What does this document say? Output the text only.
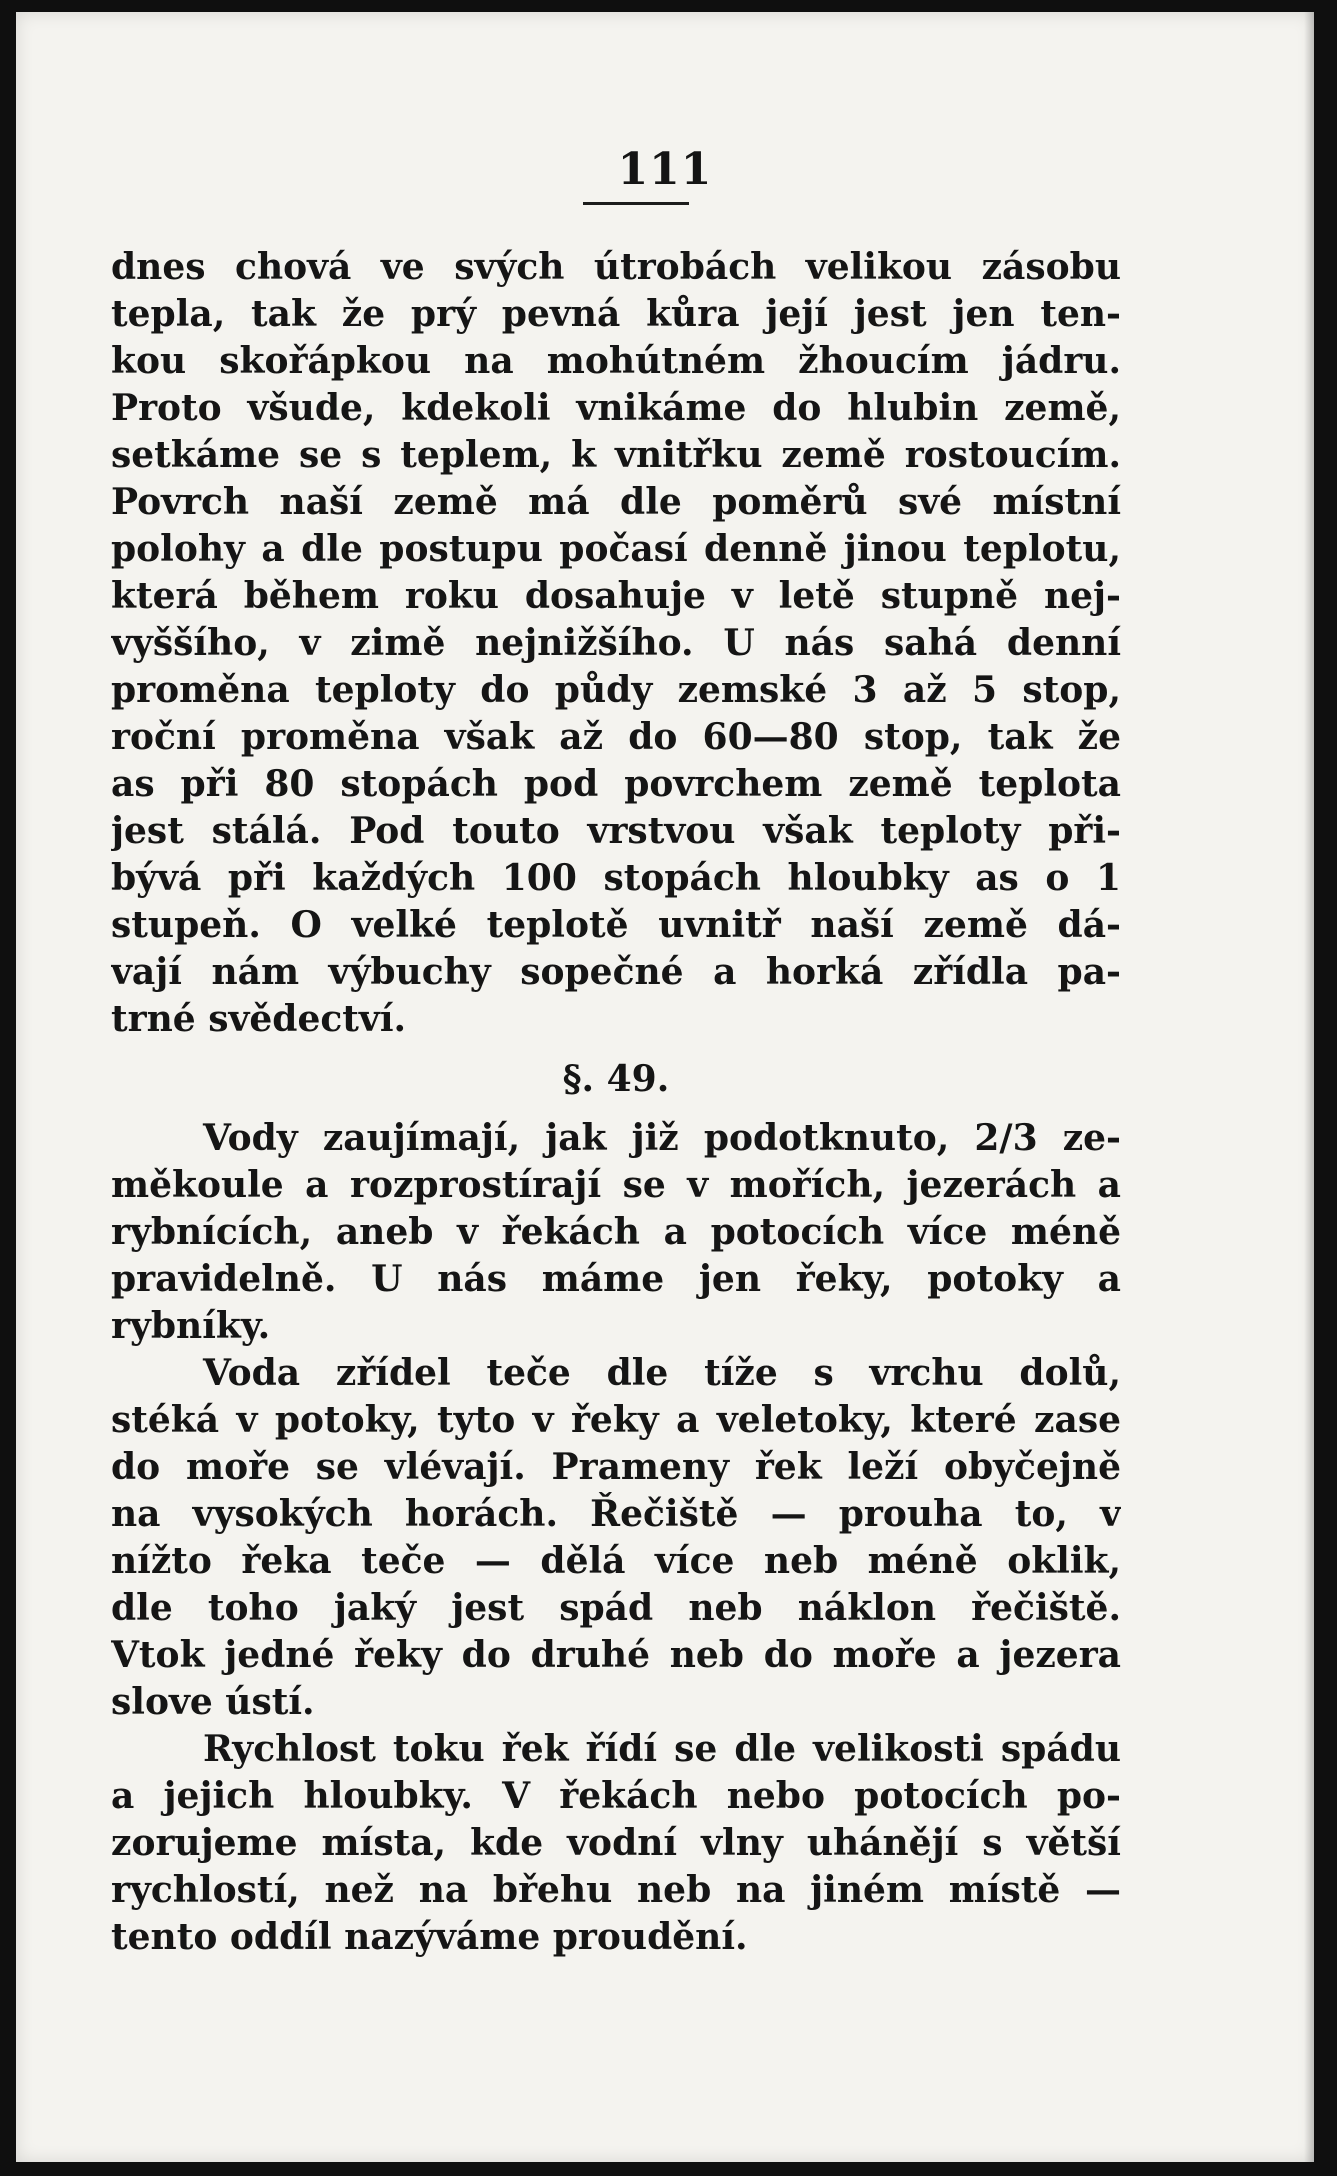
111
dnes chová ve svých útrobách velikou zásobu
tepla, tak že prý pevná kůra její jest jen ten-
kou skořápkou na mohútném žhoucím jádru.
Proto všude, kdekoli vnikáme do hlubin země,
setkáme se s teplem, k vnitřku země rostoucím.
Povrch naší země má dle poměrů své místní
polohy a dle postupu počasí denně jinou teplotu,
která během roku dosahuje v letě stupně nej-
vyššího, v zimě nejnižšího. U nás sahá denní
proměna teploty do půdy zemské 3 až 5 stop,
roční proměna však až do 60—80 stop, tak že
as při 80 stopách pod povrchem země teplota
jest stálá. Pod touto vrstvou však teploty při-
bývá při každých 100 stopách hloubky as o 1
stupeň. O velké teplotě uvnitř naší země dá-
vají nám výbuchy sopečné a horká zřídla pa-
trné svědectví.
§. 49.
Vody zaujímají, jak již podotknuto, 2/3 ze-
měkoule a rozprostírají se v mořích, jezerách a
rybnících, aneb v řekách a potocích více méně
pravidelně. U nás máme jen řeky, potoky a
rybníky.
Voda zřídel teče dle tíže s vrchu dolů,
stéká v potoky, tyto v řeky a veletoky, které zase
do moře se vlévají. Prameny řek leží obyčejně
na vysokých horách. Řečiště — prouha to, v
nížto řeka teče — dělá více neb méně oklik,
dle toho jaký jest spád neb náklon řečiště.
Vtok jedné řeky do druhé neb do moře a jezera
slove ústí.
Rychlost toku řek řídí se dle velikosti spádu
a jejich hloubky. V řekách nebo potocích po-
zorujeme místa, kde vodní vlny uhánějí s větší
rychlostí, než na břehu neb na jiném místě —
tento oddíl nazýváme proudění.
